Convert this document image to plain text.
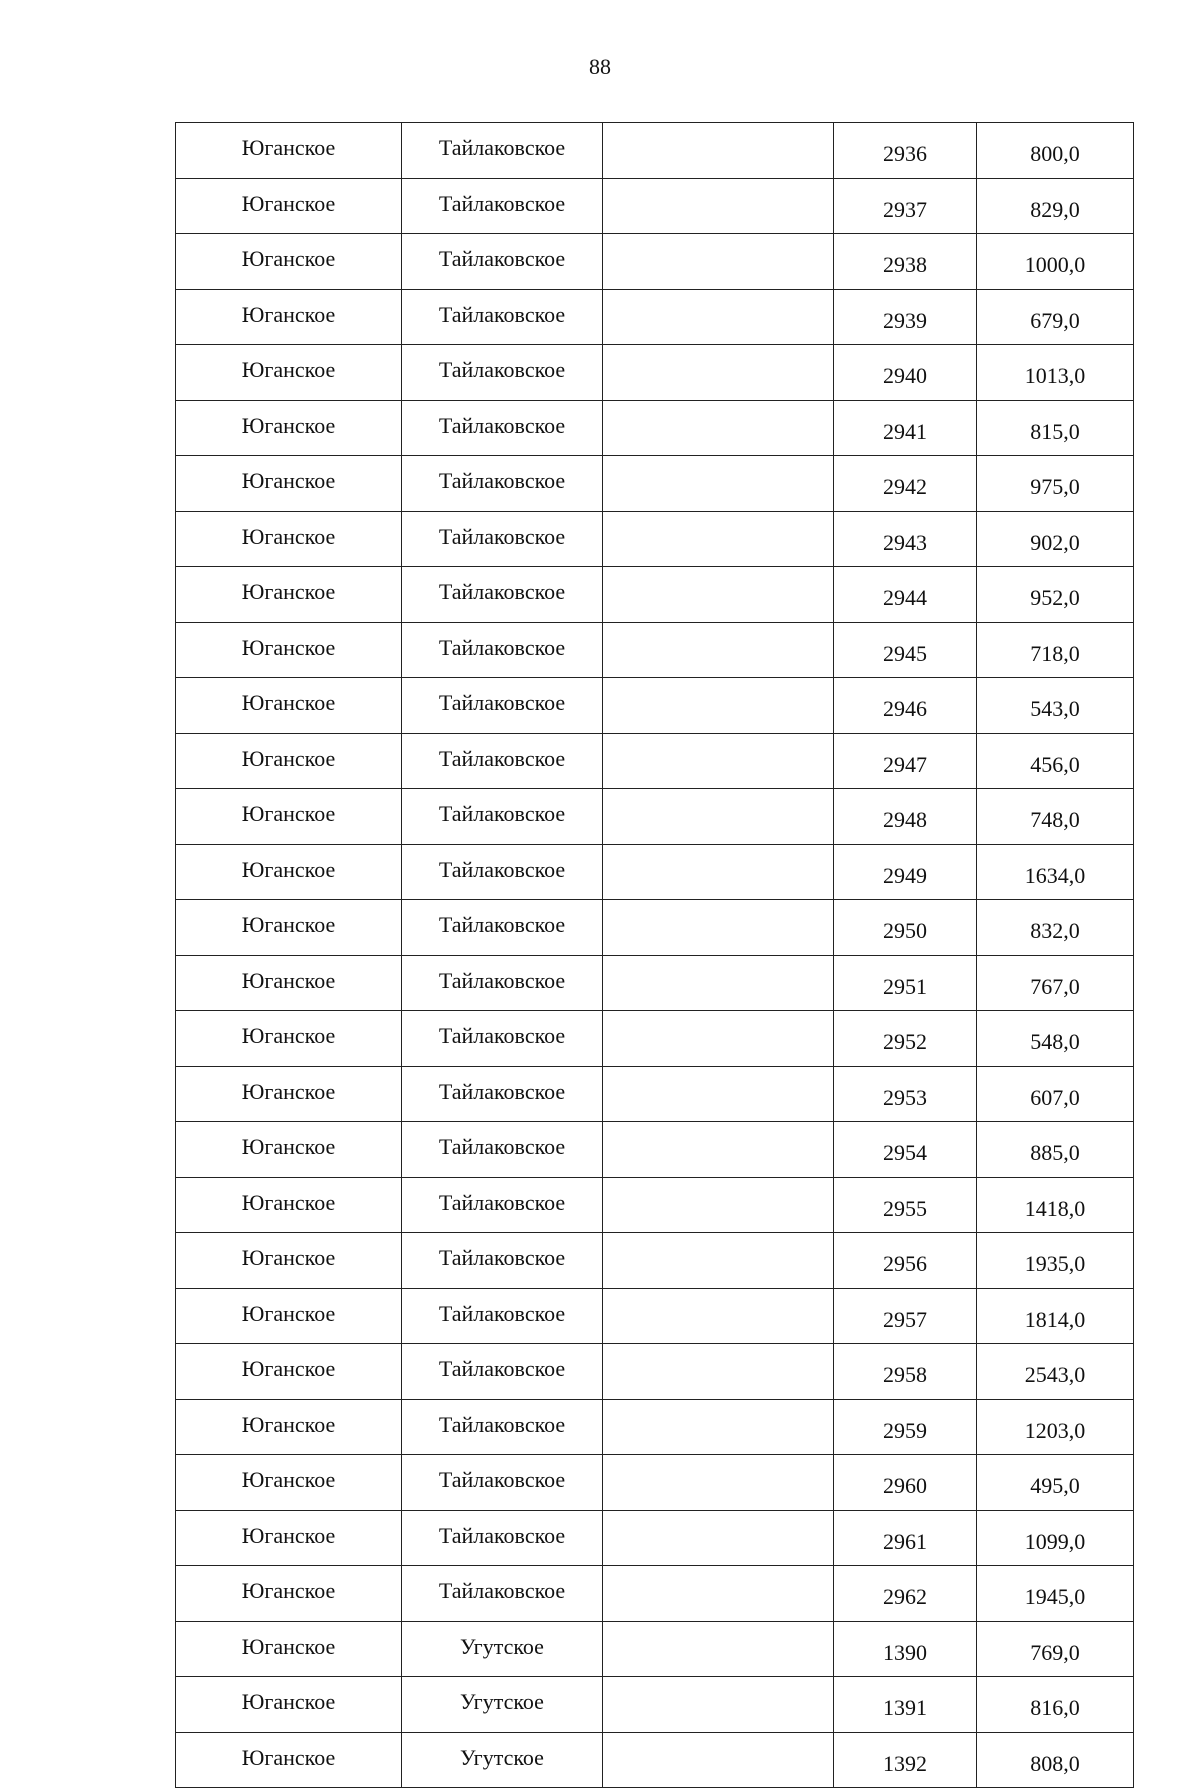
88
Юганское	Тайлаковское		2936	800,0
Юганское	Тайлаковское		2937	829,0
Юганское	Тайлаковское		2938	1000,0
Юганское	Тайлаковское		2939	679,0
Юганское	Тайлаковское		2940	1013,0
Юганское	Тайлаковское		2941	815,0
Юганское	Тайлаковское		2942	975,0
Юганское	Тайлаковское		2943	902,0
Юганское	Тайлаковское		2944	952,0
Юганское	Тайлаковское		2945	718,0
Юганское	Тайлаковское		2946	543,0
Юганское	Тайлаковское		2947	456,0
Юганское	Тайлаковское		2948	748,0
Юганское	Тайлаковское		2949	1634,0
Юганское	Тайлаковское		2950	832,0
Юганское	Тайлаковское		2951	767,0
Юганское	Тайлаковское		2952	548,0
Юганское	Тайлаковское		2953	607,0
Юганское	Тайлаковское		2954	885,0
Юганское	Тайлаковское		2955	1418,0
Юганское	Тайлаковское		2956	1935,0
Юганское	Тайлаковское		2957	1814,0
Юганское	Тайлаковское		2958	2543,0
Юганское	Тайлаковское		2959	1203,0
Юганское	Тайлаковское		2960	495,0
Юганское	Тайлаковское		2961	1099,0
Юганское	Тайлаковское		2962	1945,0
Юганское	Угутское		1390	769,0
Юганское	Угутское		1391	816,0
Юганское	Угутское		1392	808,0
